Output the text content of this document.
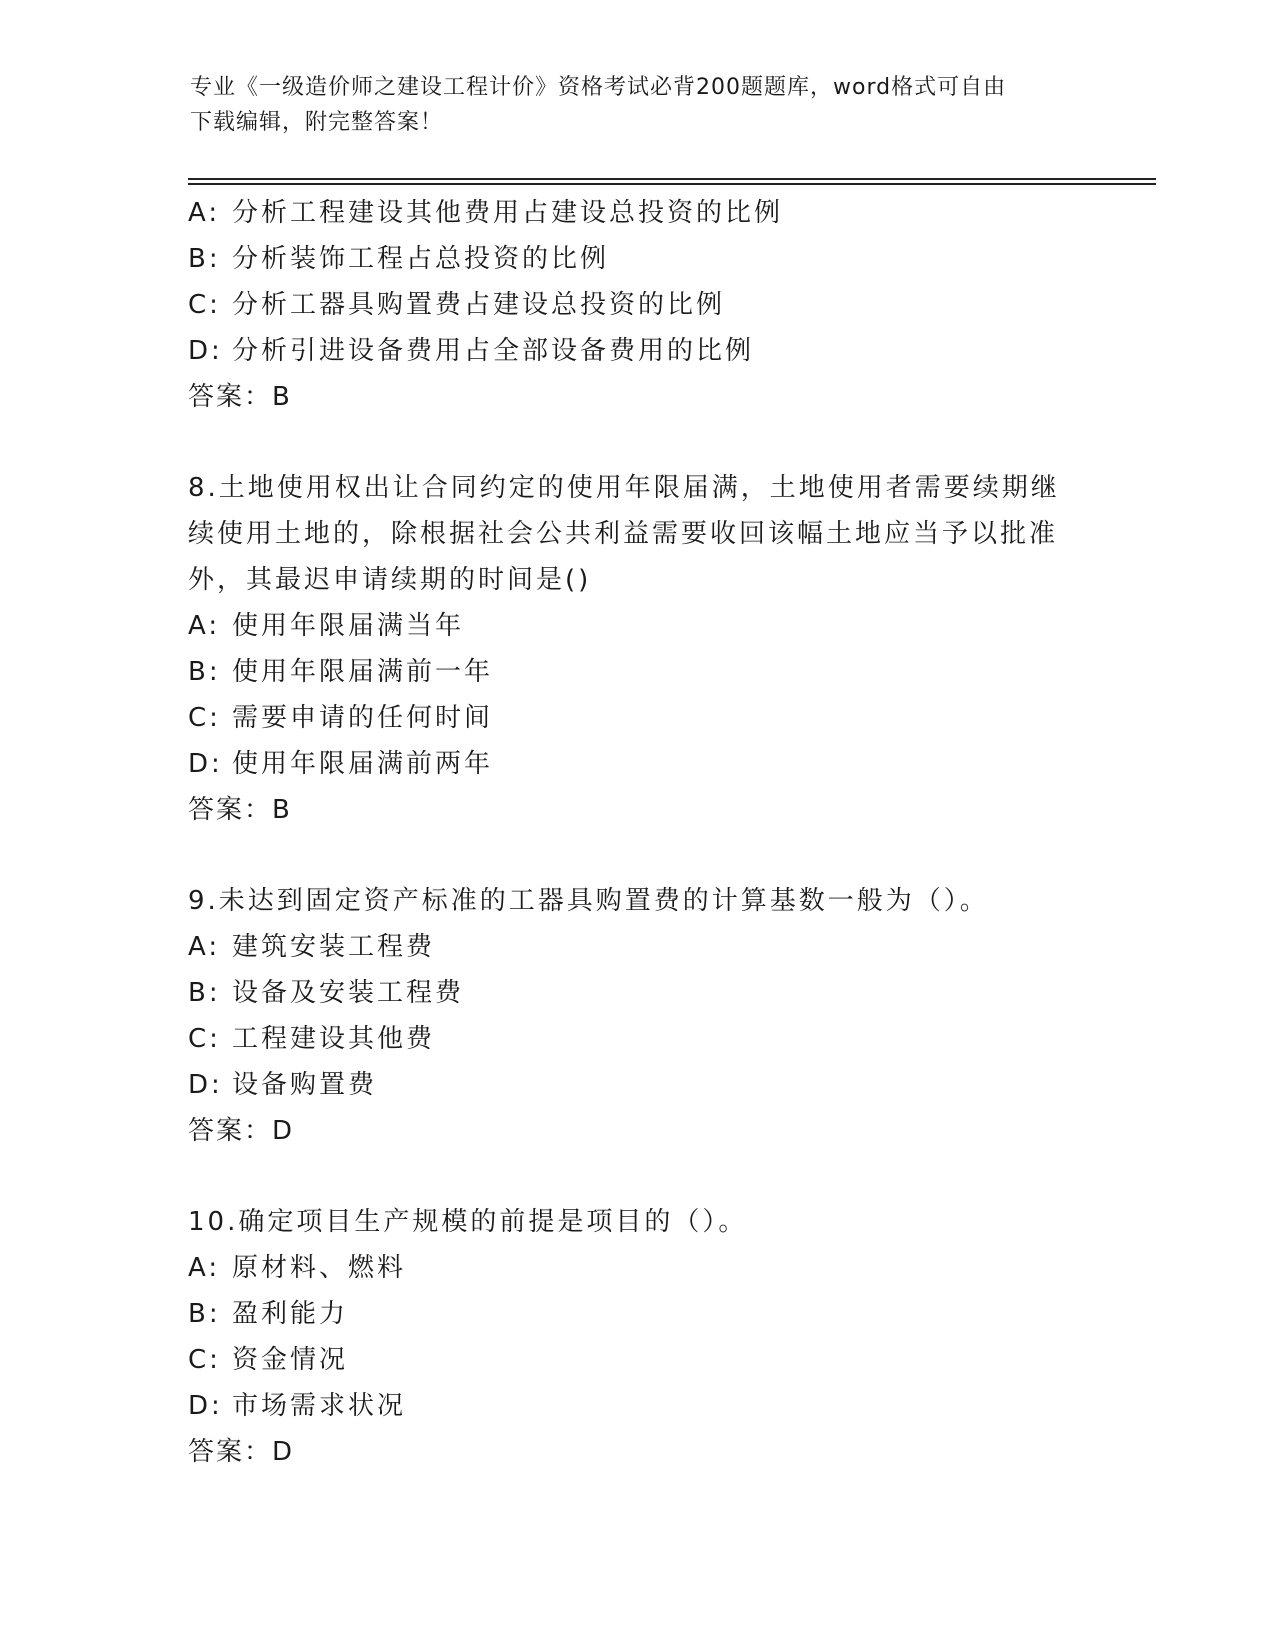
专业《一级造价师之建设工程计价》资格考试必背200题题库，word格式可自由
下载编辑，附完整答案！
A: 分析工程建设其他费用占建设总投资的比例
B: 分析装饰工程占总投资的比例
C: 分析工器具购置费占建设总投资的比例
D: 分析引进设备费用占全部设备费用的比例
答案：B
8.土地使用权出让合同约定的使用年限届满，土地使用者需要续期继续使用土地的，除根据社会公共利益需要收回该幅土地应当予以批准外，其最迟申请续期的时间是()
A: 使用年限届满当年
B: 使用年限届满前一年
C: 需要申请的任何时间
D: 使用年限届满前两年
答案：B
9.未达到固定资产标准的工器具购置费的计算基数一般为（）。
A: 建筑安装工程费
B: 设备及安装工程费
C: 工程建设其他费
D: 设备购置费
答案：D
10.确定项目生产规模的前提是项目的（）。
A: 原材料、燃料
B: 盈利能力
C: 资金情况
D: 市场需求状况
答案：D
